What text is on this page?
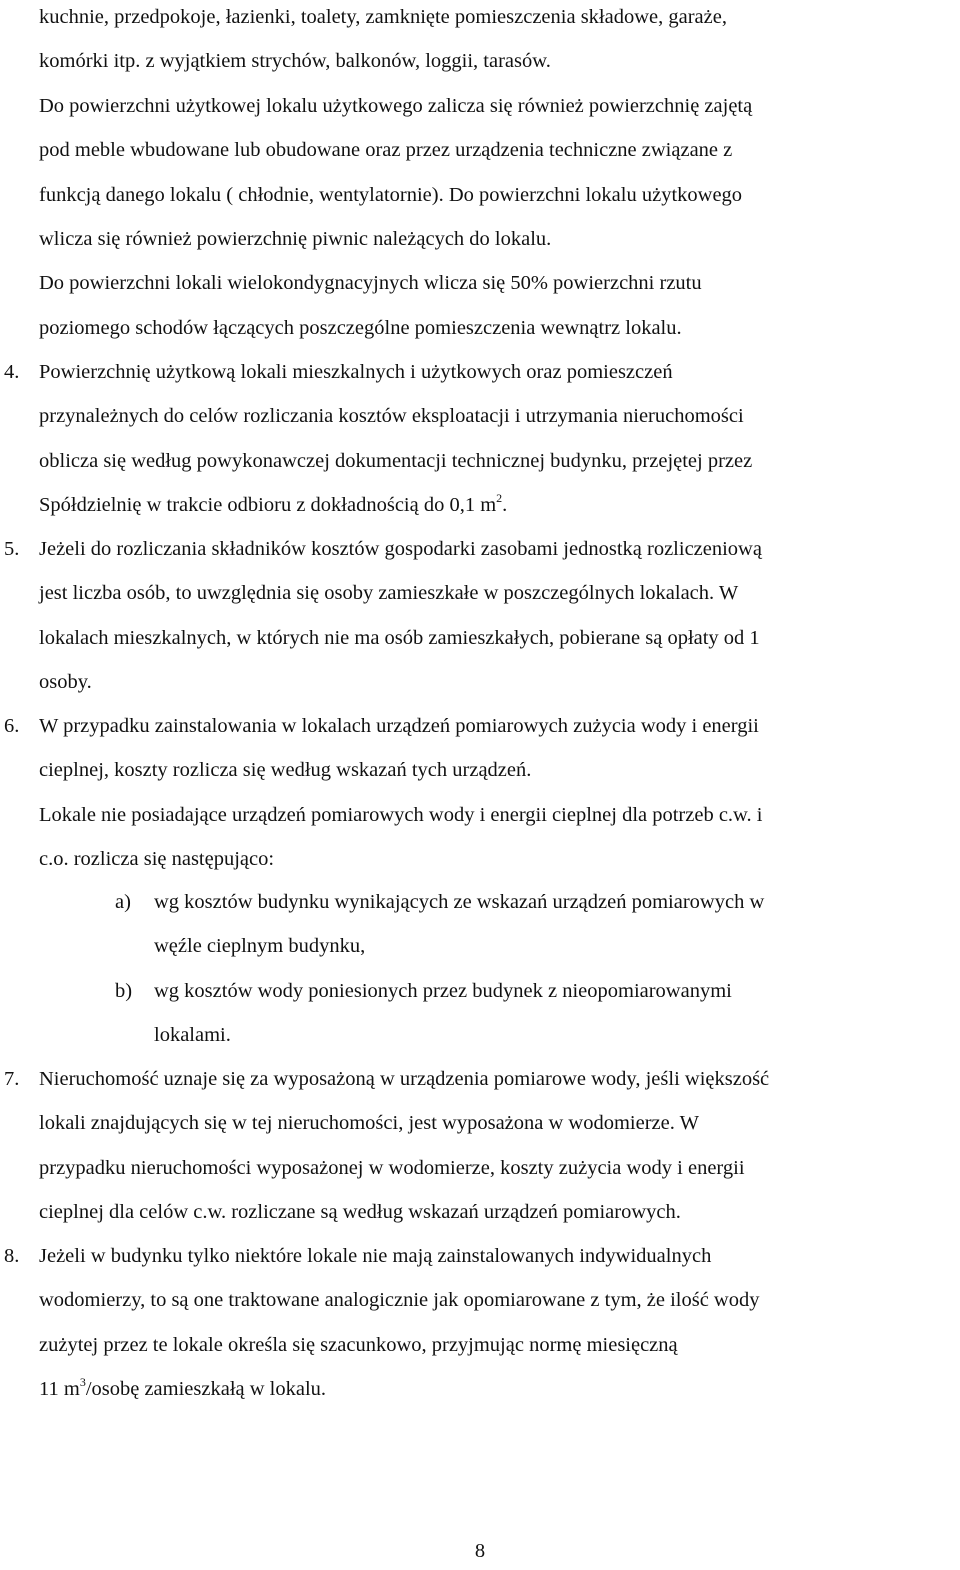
kuchnie, przedpokoje, łazienki, toalety, zamknięte pomieszczenia składowe, garaże,
komórki itp. z wyjątkiem strychów, balkonów, loggii, tarasów.
Do powierzchni użytkowej lokalu użytkowego zalicza się również powierzchnię zajętą
pod meble wbudowane lub obudowane oraz przez urządzenia techniczne związane z
funkcją danego lokalu ( chłodnie, wentylatornie). Do powierzchni lokalu użytkowego
wlicza się również powierzchnię piwnic należących do lokalu.
Do powierzchni lokali wielokondygnacyjnych wlicza się 50% powierzchni rzutu
poziomego schodów łączących poszczególne pomieszczenia wewnątrz lokalu.
4. Powierzchnię użytkową lokali mieszkalnych i użytkowych oraz pomieszczeń
przynależnych do celów rozliczania kosztów eksploatacji i utrzymania nieruchomości
oblicza się według powykonawczej dokumentacji technicznej budynku, przejętej przez
Spółdzielnię w trakcie odbioru z dokładnością do 0,1 $m^2$.
5. Jeżeli do rozliczania składników kosztów gospodarki zasobami jednostką rozliczeniową
jest liczba osób, to uwzględnia się osoby zamieszkałe w poszczególnych lokalach. W
lokalach mieszkalnych, w których nie ma osób zamieszkałych, pobierane są opłaty od 1
osoby.
6. W przypadku zainstalowania w lokalach urządzeń pomiarowych zużycia wody i energii
cieplnej, koszty rozlicza się według wskazań tych urządzeń.
Lokale nie posiadające urządzeń pomiarowych wody i energii cieplnej dla potrzeb c.w. i
c.o. rozlicza się następująco:
a) wg kosztów budynku wynikających ze wskazań urządzeń pomiarowych w
węźle cieplnym budynku,
b) wg kosztów wody poniesionych przez budynek z nieopomiarowanymi
lokalami.
7. Nieruchomość uznaje się za wyposażoną w urządzenia pomiarowe wody, jeśli większość
lokali znajdujących się w tej nieruchomości, jest wyposażona w wodomierze. W
przypadku nieruchomości wyposażonej w wodomierze, koszty zużycia wody i energii
cieplnej dla celów c.w. rozliczane są według wskazań urządzeń pomiarowych.
8. Jeżeli w budynku tylko niektóre lokale nie mają zainstalowanych indywidualnych
wodomierzy, to są one traktowane analogicznie jak opomiarowane z tym, że ilość wody
zużytej przez te lokale określa się szacunkowo, przyjmując normę miesięczną
11 $m^3$/osobę zamieszkałą w lokalu.
8
